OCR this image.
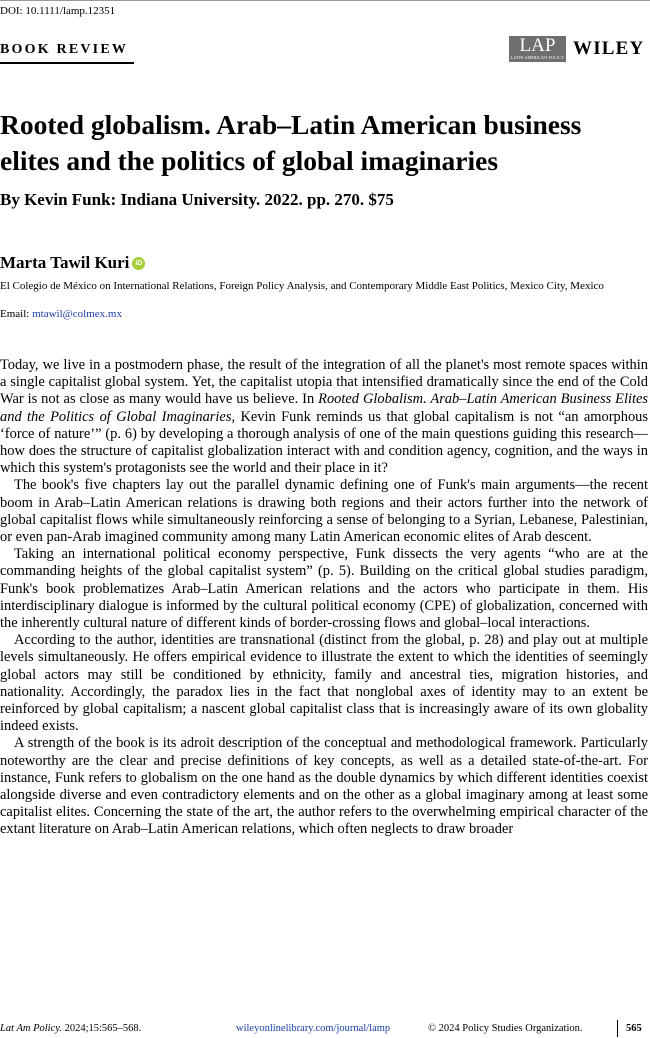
DOI: 10.1111/lamp.12351
BOOK REVIEW	LAP
LATIN AMERICAN POLICY WILEY
Rooted globalism. Arab–Latin American business elites and the politics of global imaginaries
By Kevin Funk: Indiana University. 2022. pp. 270. $75
Marta Tawil Kuri iD
El Colegio de México on International Relations, Foreign Policy Analysis, and Contemporary Middle East Politics, Mexico City, Mexico
Email: mtawil@colmex.mx

Today, we live in a postmodern phase, the result of the integration of all the planet's most remote spaces within a single capitalist global system. Yet, the capitalist utopia that intensified dramatically since the end of the Cold War is not as close as many would have us believe. In Rooted Globalism. Arab–Latin American Business Elites and the Politics of Global Imaginaries, Kevin Funk reminds us that global capitalism is not “an amorphous ‘force of nature’” (p. 6) by developing a thorough analysis of one of the main questions guiding this research—how does the structure of capitalist globalization interact with and condition agency, cognition, and the ways in which this system's protagonists see the world and their place in it?

The book's five chapters lay out the parallel dynamic defining one of Funk's main arguments—the recent boom in Arab–Latin American relations is drawing both regions and their actors further into the network of global capitalist flows while simultaneously reinforcing a sense of belonging to a Syrian, Lebanese, Palestinian, or even pan-Arab imagined community among many Latin American economic elites of Arab descent.

Taking an international political economy perspective, Funk dissects the very agents “who are at the commanding heights of the global capitalist system” (p. 5). Building on the critical global studies paradigm, Funk's book problematizes Arab–Latin American relations and the actors who participate in them. His interdisciplinary dialogue is informed by the cultural political economy (CPE) of globalization, concerned with the inherently cultural nature of different kinds of border-crossing flows and global–local interactions.

According to the author, identities are transnational (distinct from the global, p. 28) and play out at multiple levels simultaneously. He offers empirical evidence to illustrate the extent to which the identities of seemingly global actors may still be conditioned by ethnicity, family and ancestral ties, migration histories, and nationality. Accordingly, the paradox lies in the fact that nonglobal axes of identity may to an extent be reinforced by global capitalism; a nascent global capitalist class that is increasingly aware of its own globality indeed exists.

A strength of the book is its adroit description of the conceptual and methodological framework. Particularly noteworthy are the clear and precise definitions of key concepts, as well as a detailed state-of-the-art. For instance, Funk refers to globalism on the one hand as the double dynamics by which different identities coexist alongside diverse and even contradictory elements and on the other as a global imaginary among at least some capitalist elites. Concerning the state of the art, the author refers to the overwhelming empirical character of the extant literature on Arab–Latin American relations, which often neglects to draw broader

Lat Am Policy. 2024;15:565–568.	wileyonlinelibrary.com/journal/lamp	© 2024 Policy Studies Organization.	565
